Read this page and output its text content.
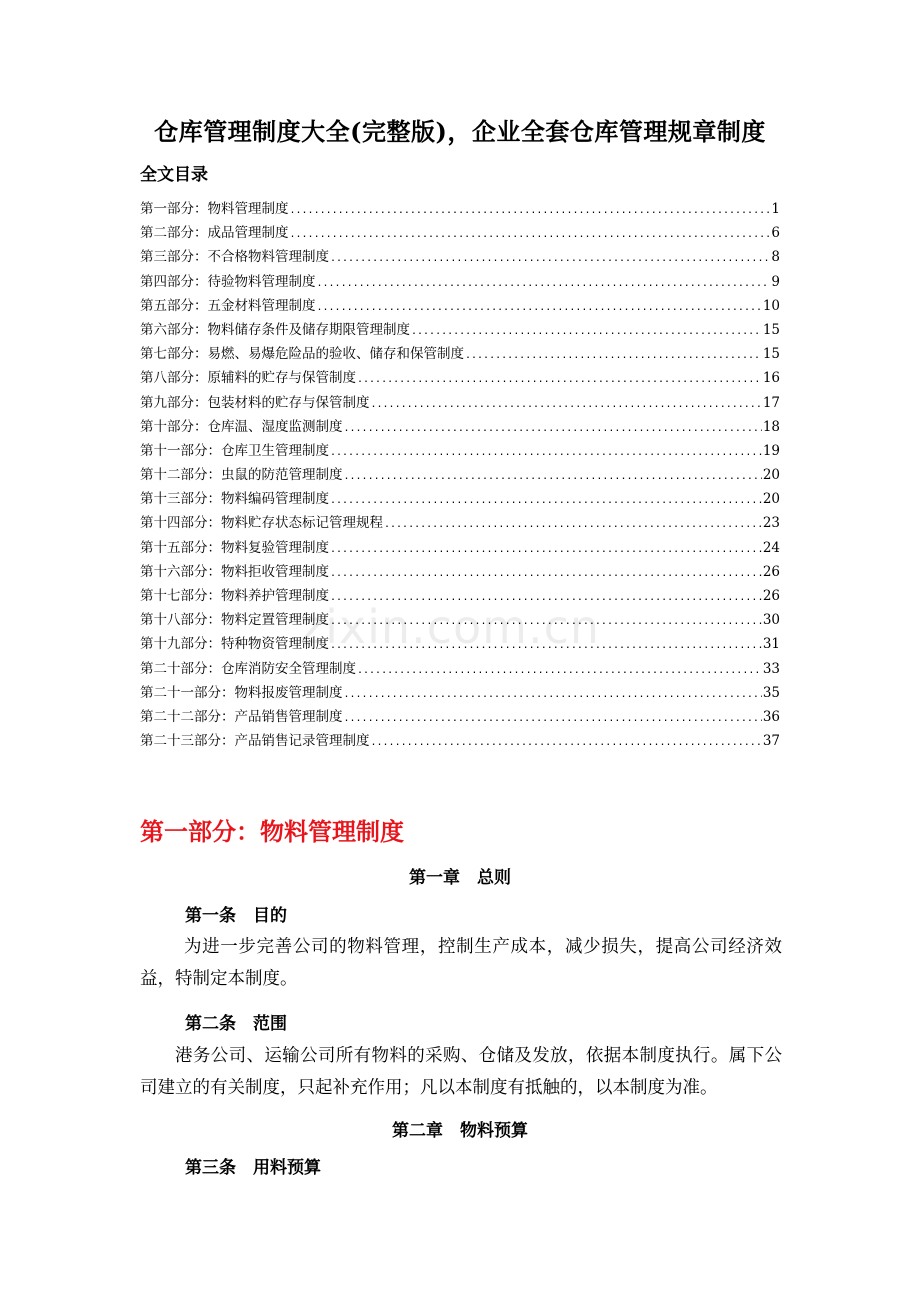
仓库管理制度大全(完整版)，企业全套仓库管理规章制度
全文目录
第一部分：物料管理制度 .....	1
第二部分：成品管理制度 .....	6
第三部分：不合格物料管理制度 .....	8
第四部分：待验物料管理制度 .....	9
第五部分：五金材料管理制度 .....	10
第六部分：物料储存条件及储存期限管理制度 .....	15
第七部分：易燃、易爆危险品的验收、储存和保管制度 .....	15
第八部分：原辅料的贮存与保管制度 .....	16
第九部分：包装材料的贮存与保管制度 .....	17
第十部分：仓库温、湿度监测制度 .....	18
第十一部分：仓库卫生管理制度 .....	19
第十二部分：虫鼠的防范管理制度 .....	20
第十三部分：物料编码管理制度 .....	20
第十四部分：物料贮存状态标记管理规程 .....	23
第十五部分：物料复验管理制度 .....	24
第十六部分：物料拒收管理制度 .....	26
第十七部分：物料养护管理制度 .....	26
第十八部分：物料定置管理制度 .....	30
第十九部分：特种物资管理制度 .....	31
第二十部分：仓库消防安全管理制度 .....	33
第二十一部分：物料报废管理制度 .....	35
第二十二部分：产品销售管理制度 .....	36
第二十三部分：产品销售记录管理制度 .....	37
zixin.com.cn
第一部分：物料管理制度
第一章　总则
第一条　目的
为进一步完善公司的物料管理，控制生产成本，减少损失，提高公司经济效益，特制定本制度。
第二条　范围
港务公司、运输公司所有物料的采购、仓储及发放，依据本制度执行。属下公司建立的有关制度，只起补充作用；凡以本制度有抵触的，以本制度为准。
第二章　物料预算
第三条　用料预算
